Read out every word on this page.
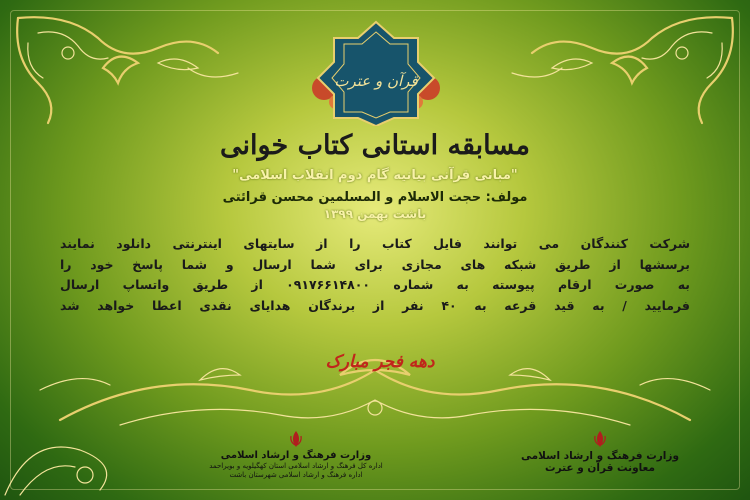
قرآن و عترت
مسابقه استانی کتاب خوانی
"مبانی قرآنی بیانیه گام دوم انقلاب اسلامی"
مولف: حجت الاسلام و المسلمین محسن قرائتی
باشت بهمن ۱۳۹۹
شرکت کنندگان می توانند فایل کتاب را از سایتهای اینترنتی دانلود نمایند
برسشها از طریق شبکه های مجازی برای شما ارسال و شما پاسخ خود را
به صورت ارقام پیوسته به شماره ۰۹۱۷۶۶۱۴۸۰۰ از طریق واتساپ ارسال
فرمایید / به قید قرعه به ۴۰ نفر از برندگان هدایای نقدی اعطا خواهد شد
دهه فجر مبارک
وزارت فرهنگ و ارشاد اسلامی
اداره کل فرهنگ و ارشاد اسلامی استان کهگیلویه و بویراحمد
اداره فرهنگ و ارشاد اسلامی شهرستان باشت
وزارت فرهنگ و ارشاد اسلامی
معاونت قرآن و عترت
